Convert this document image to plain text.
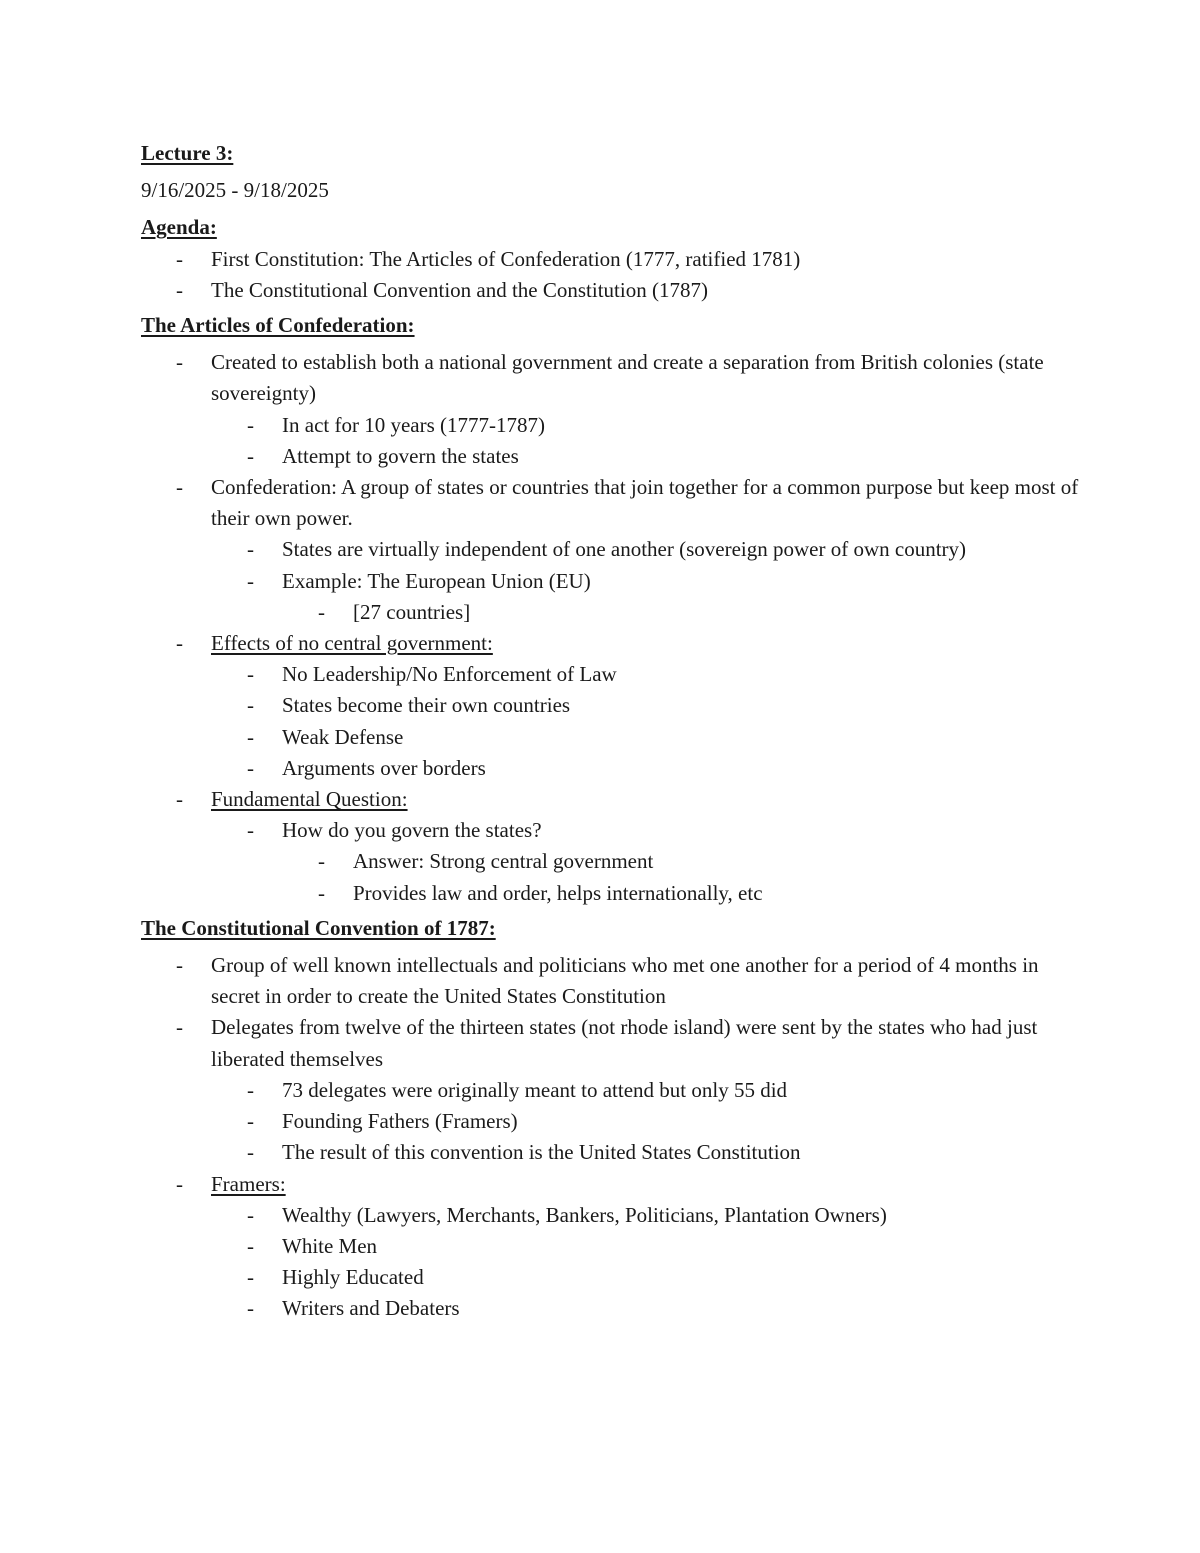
Lecture 3:
9/16/2025 - 9/18/2025
Agenda:
- First Constitution: The Articles of Confederation (1777, ratified 1781)
- The Constitutional Convention and the Constitution (1787)
The Articles of Confederation:
- Created to establish both a national government and create a separation from British colonies (state sovereignty)
- In act for 10 years (1777-1787)
- Attempt to govern the states
- Confederation: A group of states or countries that join together for a common purpose but keep most of their own power.
- States are virtually independent of one another (sovereign power of own country)
- Example: The European Union (EU)
- [27 countries]
- Effects of no central government:
- No Leadership/No Enforcement of Law
- States become their own countries
- Weak Defense
- Arguments over borders
- Fundamental Question:
- How do you govern the states?
- Answer: Strong central government
- Provides law and order, helps internationally, etc
The Constitutional Convention of 1787:
- Group of well known intellectuals and politicians who met one another for a period of 4 months in secret in order to create the United States Constitution
- Delegates from twelve of the thirteen states (not rhode island) were sent by the states who had just liberated themselves
- 73 delegates were originally meant to attend but only 55 did
- Founding Fathers (Framers)
- The result of this convention is the United States Constitution
- Framers:
- Wealthy (Lawyers, Merchants, Bankers, Politicians, Plantation Owners)
- White Men
- Highly Educated
- Writers and Debaters
